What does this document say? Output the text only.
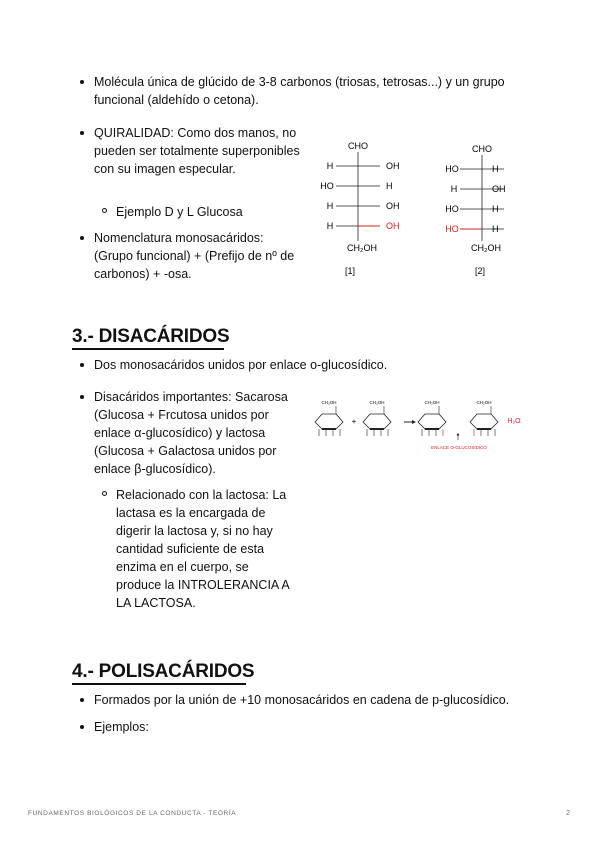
Molécula única de glúcido de 3-8 carbonos (triosas, tetrosas...) y un grupo funcional (aldehído o cetona).
QUIRALIDAD: Como dos manos, no pueden ser totalmente superponibles con su imagen especular.
Ejemplo D y L Glucosa
Nomenclatura monosacáridos: (Grupo funcional) + (Prefijo de nº de carbonos) + -osa.
CHO
H	OH
HO	H
H	OH
H	OH
CH₂OH
[1]
CHO
HO	H
H	OH
HO	H
HO	H
CH₂OH
[2]
3.- DISACÁRIDOS
Dos monosacáridos unidos por enlace o-glucosídico.
Disacáridos importantes: Sacarosa (Glucosa + Frcutosa unidos por enlace α-glucosídico) y lactosa (Glucosa + Galactosa unidos por enlace β-glucosídico).
Relacionado con la lactosa: La lactasa es la encargada de digerir la lactosa y, si no hay cantidad suficiente de esta enzima en el cuerpo, se produce la INTROLERANCIA A LA LACTOSA.
CH₂OH	CH₂OH	CH₂OH	CH₂OH
+	H₂O
ENLACE O-GLUCOSÍDICO
4.- POLISACÁRIDOS
Formados por la unión de +10 monosacáridos en cadena de p-glucosídico.
Ejemplos:
FUNDAMENTOS BIOLÓGICOS DE LA CONDUCTA - TEORÍA	2
